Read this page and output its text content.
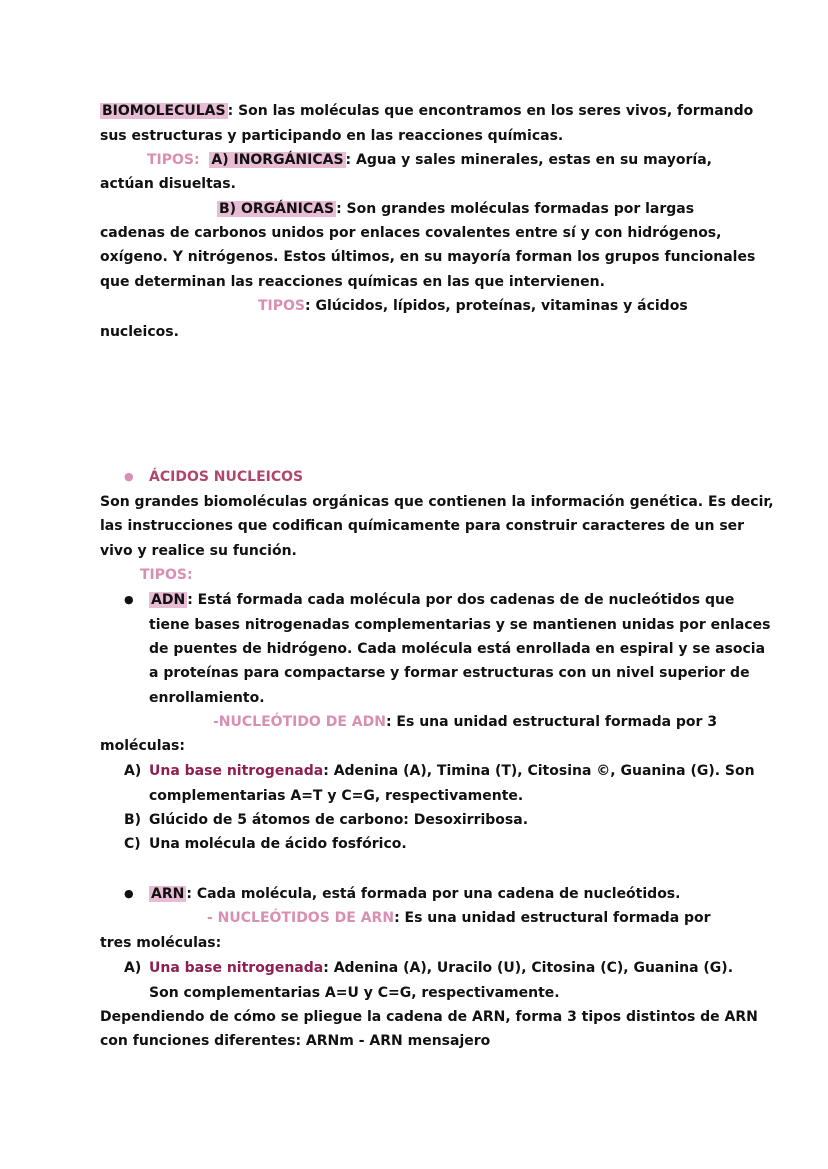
BIOMOLECULAS : Son las moléculas que encontramos en los seres vivos, formando
sus estructuras y participando en las reacciones químicas.
TIPOS: A) INORGÁNICAS : Agua y sales minerales, estas en su mayoría,
actúan disueltas.
B) ORGÁNICAS : Son grandes moléculas formadas por largas
cadenas de carbonos unidos por enlaces covalentes entre sí y con hidrógenos,
oxígeno. Y nitrógenos. Estos últimos, en su mayoría forman los grupos funcionales
que determinan las reacciones químicas en las que intervienen.
TIPOS: Glúcidos, lípidos, proteínas, vitaminas y ácidos
nucleicos.
● ÁCIDOS NUCLEICOS
Son grandes biomoléculas orgánicas que contienen la información genética. Es decir,
las instrucciones que codifican químicamente para construir caracteres de un ser
vivo y realice su función.
TIPOS:
● ADN : Está formada cada molécula por dos cadenas de de nucleótidos que
tiene bases nitrogenadas complementarias y se mantienen unidas por enlaces
de puentes de hidrógeno. Cada molécula está enrollada en espiral y se asocia
a proteínas para compactarse y formar estructuras con un nivel superior de
enrollamiento.
-NUCLEÓTIDO DE ADN: Es una unidad estructural formada por 3
moléculas:
A) Una base nitrogenada: Adenina (A), Timina (T), Citosina ©, Guanina (G). Son
complementarias A=T y C=G, respectivamente.
B) Glúcido de 5 átomos de carbono: Desoxirribosa.
C) Una molécula de ácido fosfórico.
● ARN : Cada molécula, está formada por una cadena de nucleótidos.
- NUCLEÓTIDOS DE ARN: Es una unidad estructural formada por
tres moléculas:
A) Una base nitrogenada: Adenina (A), Uracilo (U), Citosina (C), Guanina (G).
Son complementarias A=U y C=G, respectivamente.
Dependiendo de cómo se pliegue la cadena de ARN, forma 3 tipos distintos de ARN
con funciones diferentes: ARNm - ARN mensajero
